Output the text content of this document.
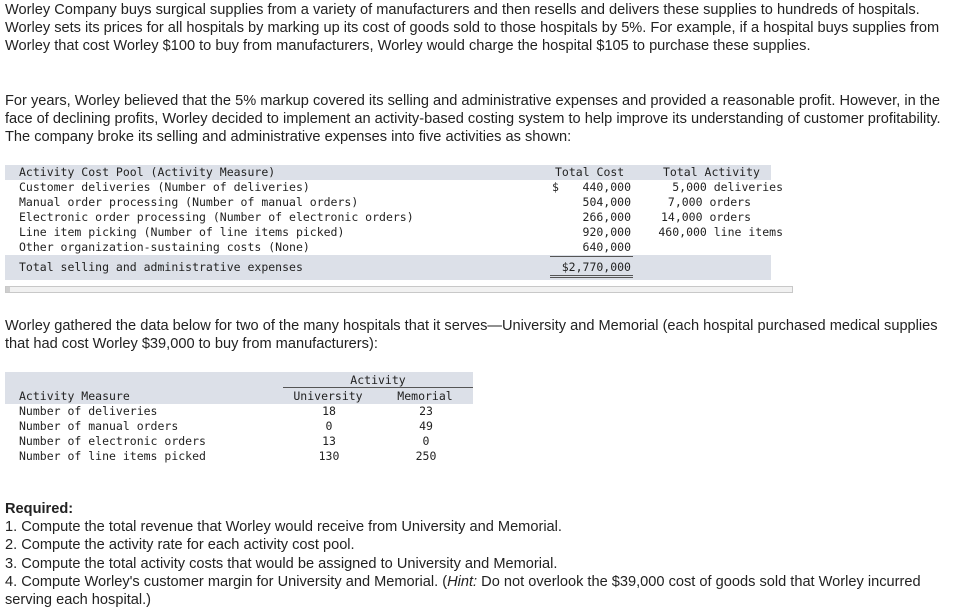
Worley Company buys surgical supplies from a variety of manufacturers and then resells and delivers these supplies to hundreds of hospitals. Worley sets its prices for all hospitals by marking up its cost of goods sold to those hospitals by 5%. For example, if a hospital buys supplies from Worley that cost Worley $100 to buy from manufacturers, Worley would charge the hospital $105 to purchase these supplies.

For years, Worley believed that the 5% markup covered its selling and administrative expenses and provided a reasonable profit. However, in the face of declining profits, Worley decided to implement an activity-based costing system to help improve its understanding of customer profitability. The company broke its selling and administrative expenses into five activities as shown:

Activity Cost Pool (Activity Measure)	Total Cost	Total Activity
Customer deliveries (Number of deliveries)	$	440,000	5,000 deliveries
Manual order processing (Number of manual orders)	504,000	7,000 orders
Electronic order processing (Number of electronic orders)	266,000	14,000 orders
Line item picking (Number of line items picked)	920,000	460,000 line items
Other organization-sustaining costs (None)	640,000
Total selling and administrative expenses	$2,770,000

Worley gathered the data below for two of the many hospitals that it serves—University and Memorial (each hospital purchased medical supplies that had cost Worley $39,000 to buy from manufacturers):

Activity
Activity Measure	University	Memorial
Number of deliveries	18	23
Number of manual orders	0	49
Number of electronic orders	13	0
Number of line items picked	130	250

Required:

1. Compute the total revenue that Worley would receive from University and Memorial.

2. Compute the activity rate for each activity cost pool.

3. Compute the total activity costs that would be assigned to University and Memorial.

4. Compute Worley's customer margin for University and Memorial. (Hint: Do not overlook the $39,000 cost of goods sold that Worley incurred serving each hospital.)
